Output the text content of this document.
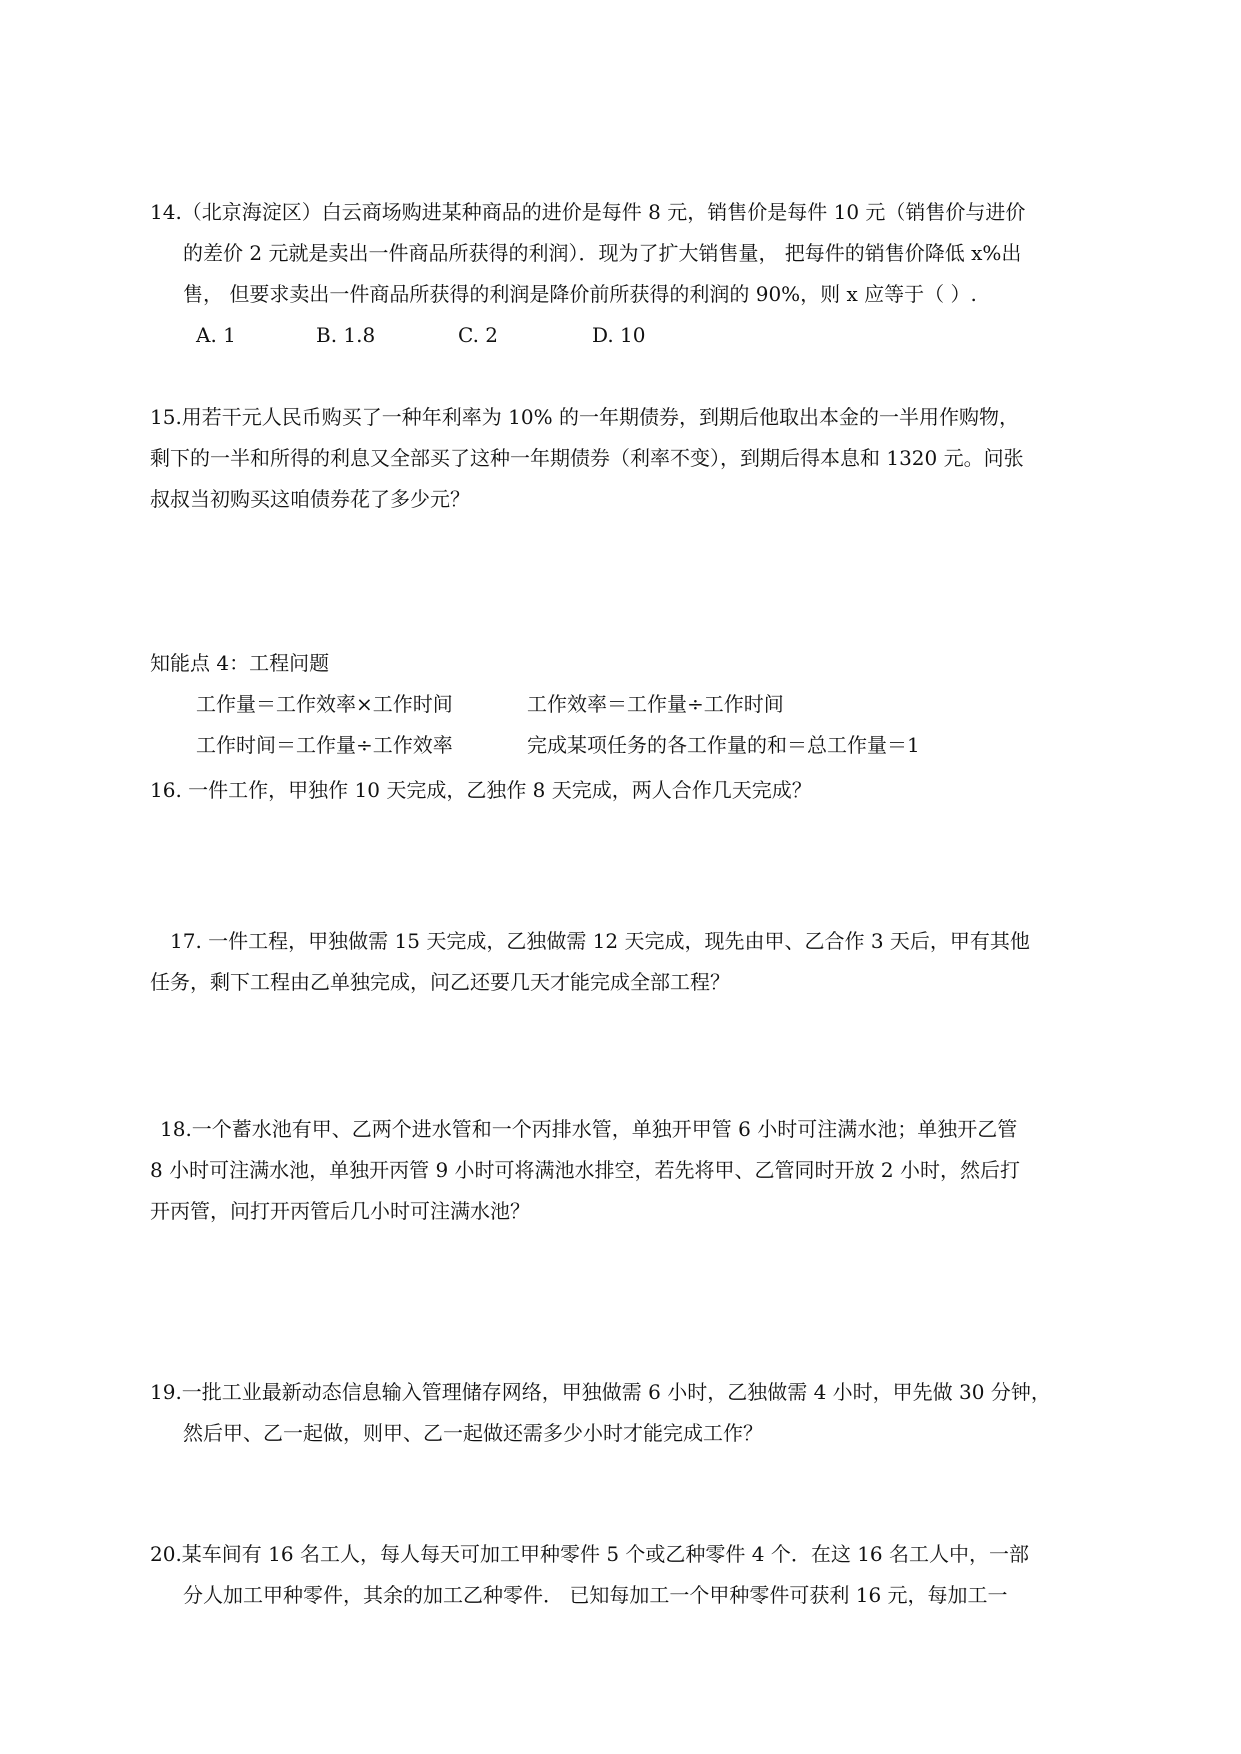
14.（北京海淀区）白云商场购进某种商品的进价是每件 8 元，销售价是每件 10 元（销售价与进价
的差价 2 元就是卖出一件商品所获得的利润）．现为了扩大销售量， 把每件的销售价降低 x%出
售， 但要求卖出一件商品所获得的利润是降价前所获得的利润的 90%，则 x 应等于（ ）.
A. 1	B. 1.8	C. 2	D. 10
15.用若干元人民币购买了一种年利率为 10% 的一年期债券，到期后他取出本金的一半用作购物，
剩下的一半和所得的利息又全部买了这种一年期债券（利率不变），到期后得本息和 1320 元。问张
叔叔当初购买这咱债券花了多少元？
知能点 4：工程问题
工作量＝工作效率×工作时间	工作效率＝工作量÷工作时间
工作时间＝工作量÷工作效率	完成某项任务的各工作量的和＝总工作量＝1
16. 一件工作，甲独作 10 天完成，乙独作 8 天完成，两人合作几天完成？
17. 一件工程，甲独做需 15 天完成，乙独做需 12 天完成，现先由甲、乙合作 3 天后，甲有其他
任务，剩下工程由乙单独完成，问乙还要几天才能完成全部工程？
18.一个蓄水池有甲、乙两个进水管和一个丙排水管，单独开甲管 6 小时可注满水池；单独开乙管
8 小时可注满水池，单独开丙管 9 小时可将满池水排空，若先将甲、乙管同时开放 2 小时，然后打
开丙管，问打开丙管后几小时可注满水池？
19.一批工业最新动态信息输入管理储存网络，甲独做需 6 小时，乙独做需 4 小时，甲先做 30 分钟，
然后甲、乙一起做，则甲、乙一起做还需多少小时才能完成工作？
20.某车间有 16 名工人，每人每天可加工甲种零件 5 个或乙种零件 4 个．在这 16 名工人中，一部
分人加工甲种零件，其余的加工乙种零件． 已知每加工一个甲种零件可获利 16 元，每加工一
